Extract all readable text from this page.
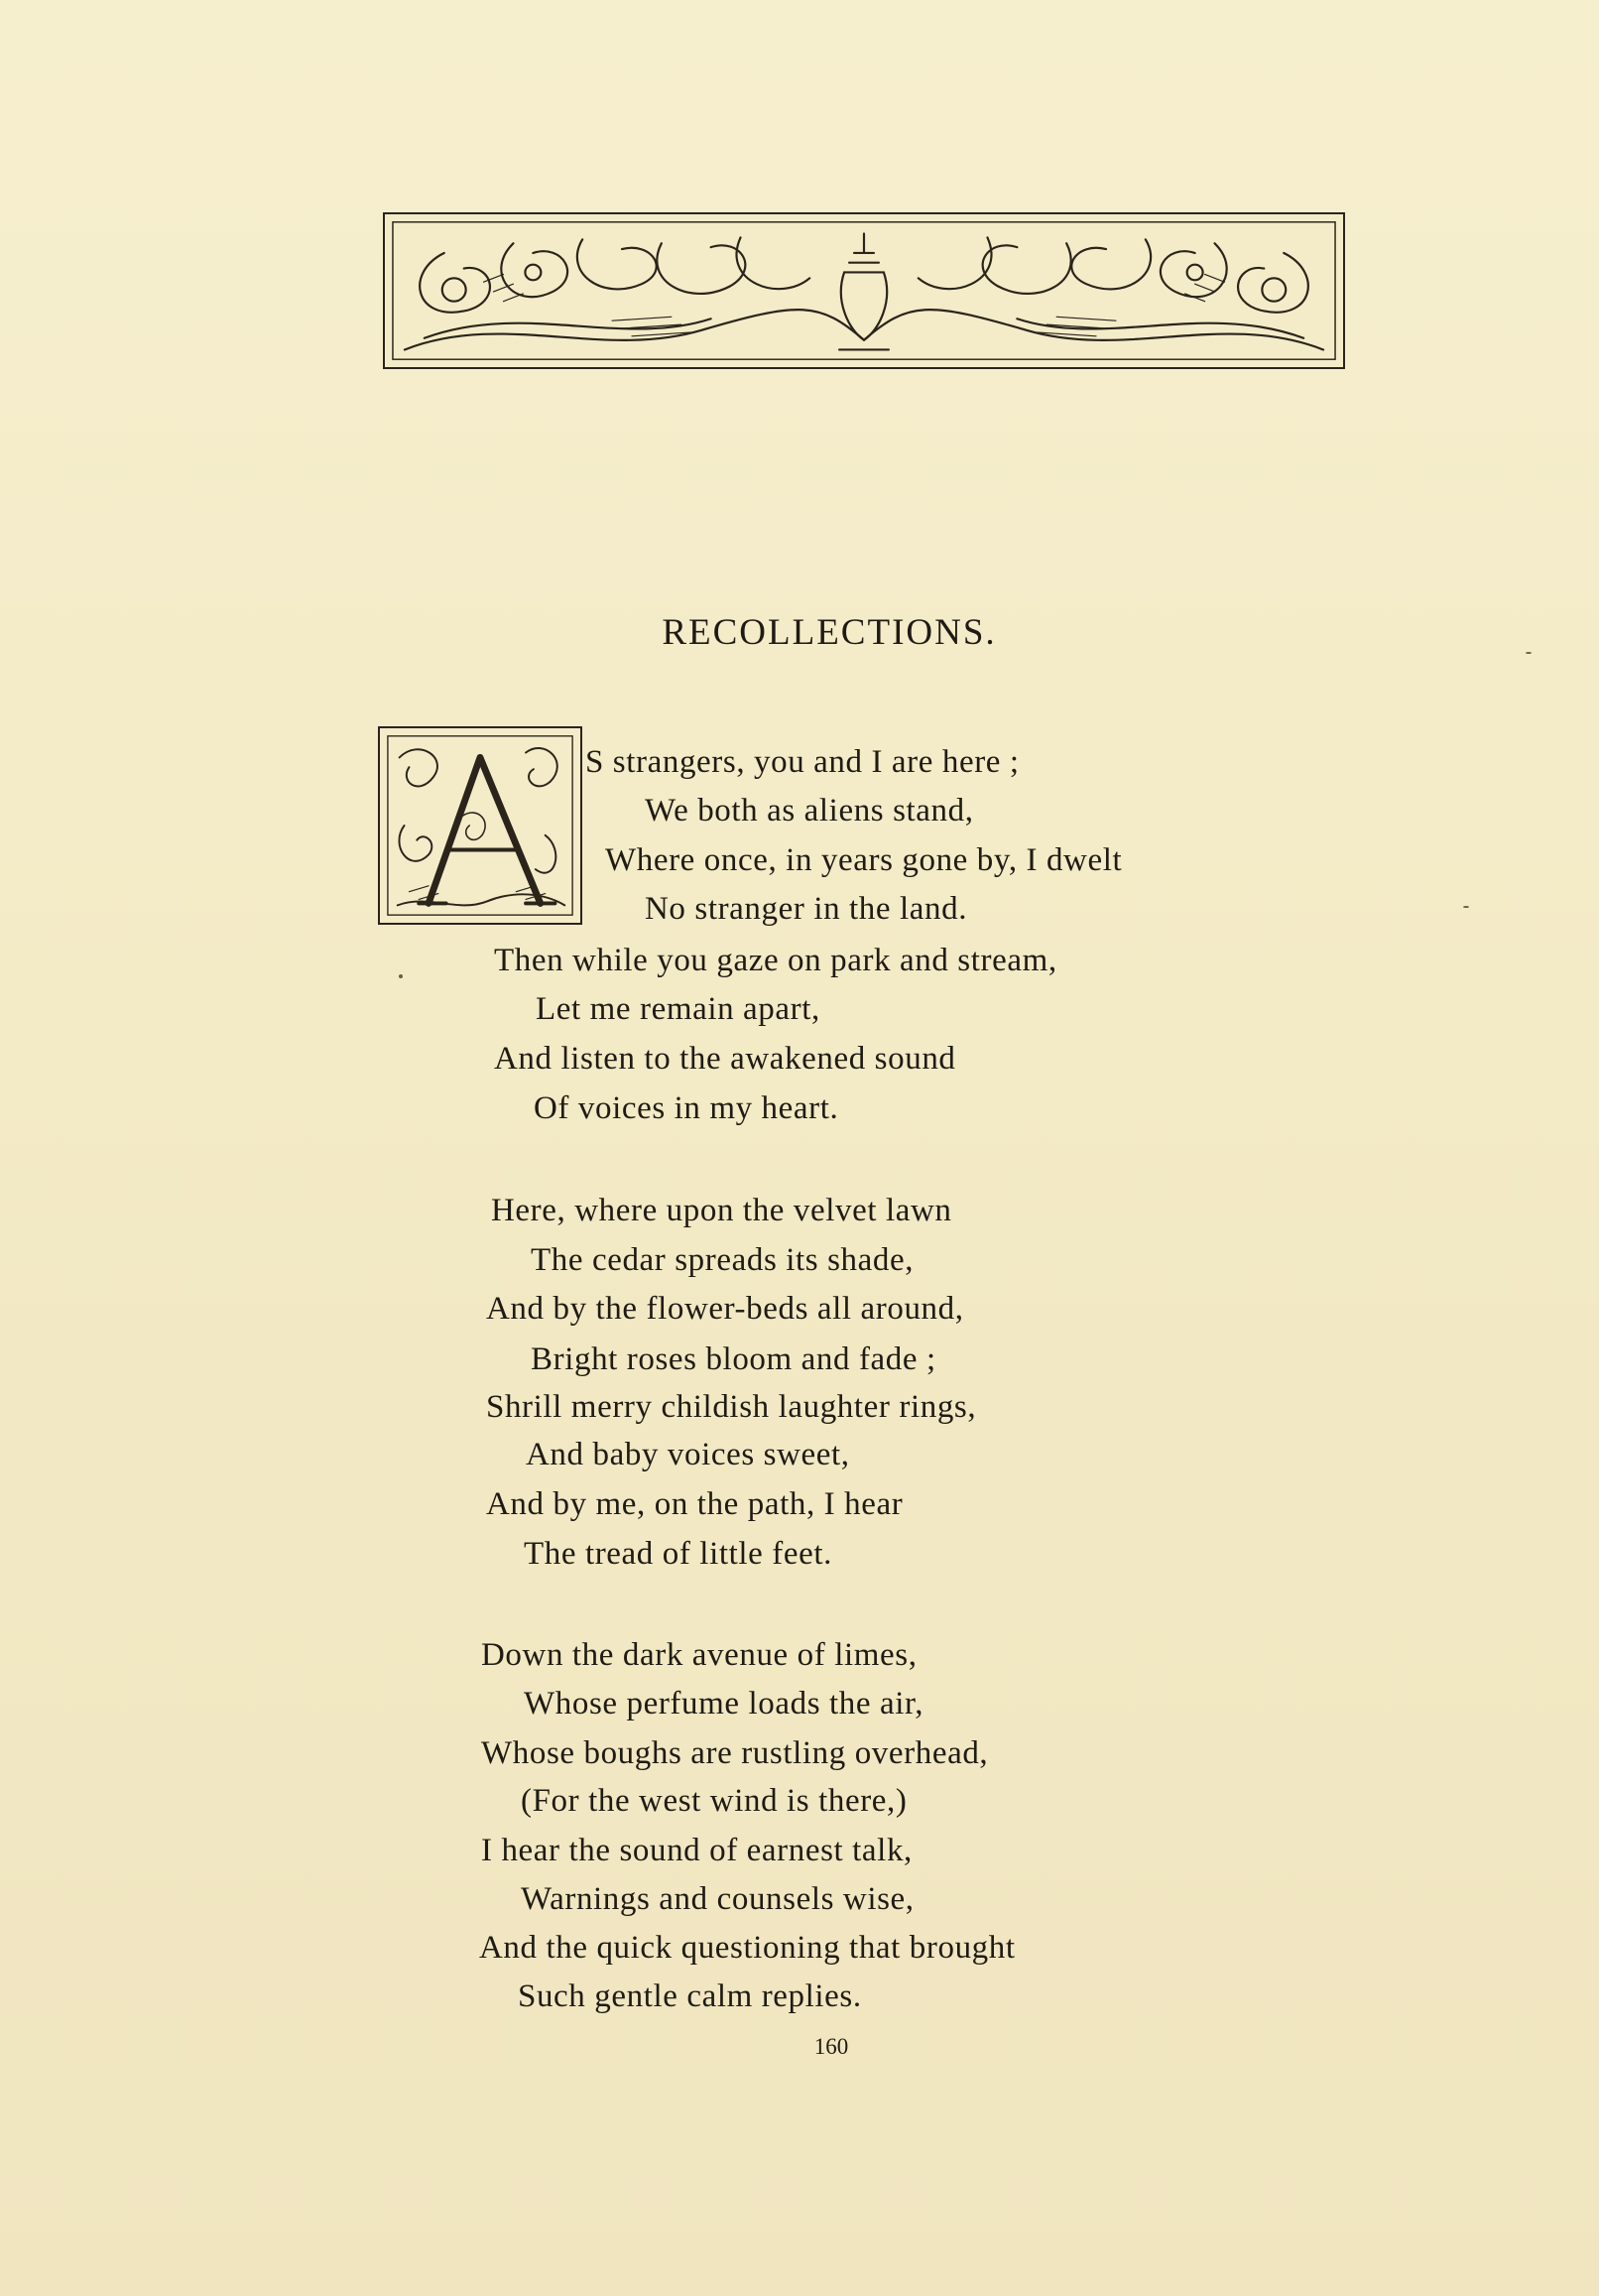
RECOLLECTIONS.
S strangers, you and I are here ;
We both as aliens stand,
Where once, in years gone by, I dwelt
No stranger in the land.
Then while you gaze on park and stream,
Let me remain apart,
And listen to the awakened sound
Of voices in my heart.
Here, where upon the velvet lawn
The cedar spreads its shade,
And by the flower-beds all around,
Bright roses bloom and fade ;
Shrill merry childish laughter rings,
And baby voices sweet,
And by me, on the path, I hear
The tread of little feet.
Down the dark avenue of limes,
Whose perfume loads the air,
Whose boughs are rustling overhead,
(For the west wind is there,)
I hear the sound of earnest talk,
Warnings and counsels wise,
And the quick questioning that brought
Such gentle calm replies.
160
